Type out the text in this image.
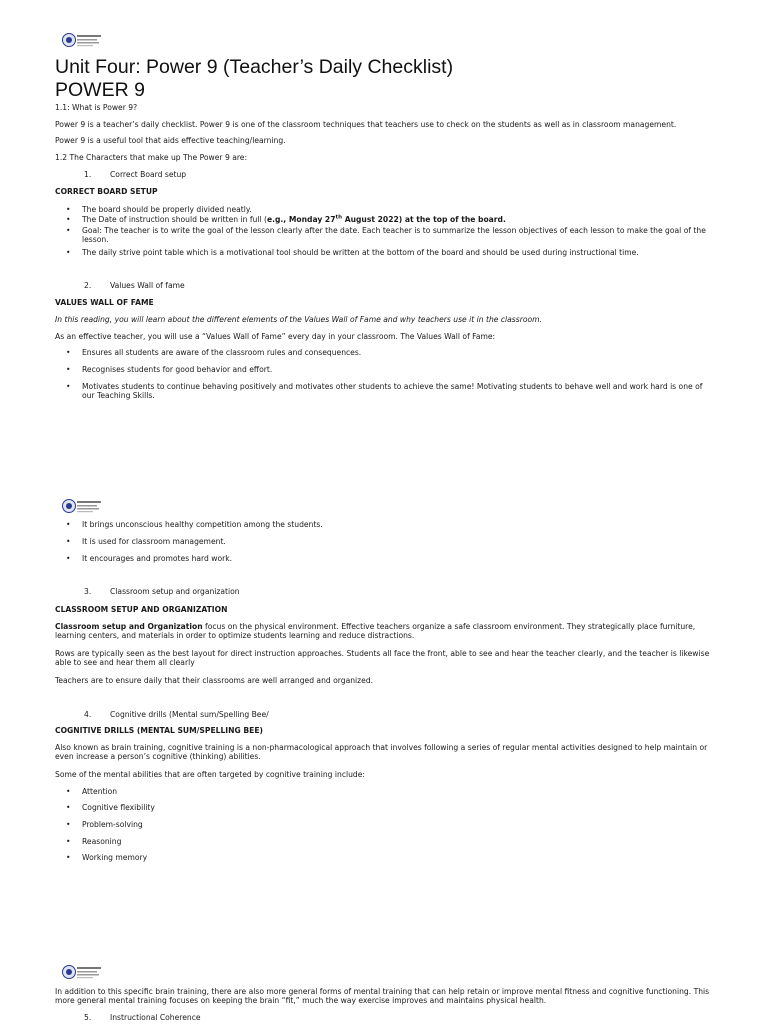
Unit Four: Power 9 (Teacher’s Daily Checklist)
POWER 9
1.1: What is Power 9?
Power 9 is a teacher’s daily checklist. Power 9 is one of the classroom techniques that teachers use to check on the students as well as in classroom management.
Power 9 is a useful tool that aids effective teaching/learning.
1.2 The Characters that make up The Power 9 are:
1. Correct Board setup
CORRECT BOARD SETUP
• The board should be properly divided neatly.
• The Date of instruction should be written in full (e.g., Monday 27th August 2022) at the top of the board.
• Goal: The teacher is to write the goal of the lesson clearly after the date. Each teacher is to summarize the lesson objectives of each lesson to make the goal of the lesson.
• The daily strive point table which is a motivational tool should be written at the bottom of the board and should be used during instructional time.
2. Values Wall of fame
VALUES WALL OF FAME
In this reading, you will learn about the different elements of the Values Wall of Fame and why teachers use it in the classroom.
As an effective teacher, you will use a “Values Wall of Fame” every day in your classroom. The Values Wall of Fame:
• Ensures all students are aware of the classroom rules and consequences.
• Recognises students for good behavior and effort.
• Motivates students to continue behaving positively and motivates other students to achieve the same! Motivating students to behave well and work hard is one of our Teaching Skills.
• It brings unconscious healthy competition among the students.
• It is used for classroom management.
• It encourages and promotes hard work.
3. Classroom setup and organization
CLASSROOM SETUP AND ORGANIZATION
Classroom setup and Organization focus on the physical environment. Effective teachers organize a safe classroom environment. They strategically place furniture, learning centers, and materials in order to optimize students learning and reduce distractions.
Rows are typically seen as the best layout for direct instruction approaches. Students all face the front, able to see and hear the teacher clearly, and the teacher is likewise able to see and hear them all clearly
Teachers are to ensure daily that their classrooms are well arranged and organized.
4. Cognitive drills (Mental sum/Spelling Bee/
COGNITIVE DRILLS (MENTAL SUM/SPELLING BEE)
Also known as brain training, cognitive training is a non-pharmacological approach that involves following a series of regular mental activities designed to help maintain or even increase a person’s cognitive (thinking) abilities.
Some of the mental abilities that are often targeted by cognitive training include:
• Attention
• Cognitive flexibility
• Problem-solving
• Reasoning
• Working memory
In addition to this specific brain training, there are also more general forms of mental training that can help retain or improve mental fitness and cognitive functioning. This more general mental training focuses on keeping the brain “fit,” much the way exercise improves and maintains physical health.
5. Instructional Coherence
